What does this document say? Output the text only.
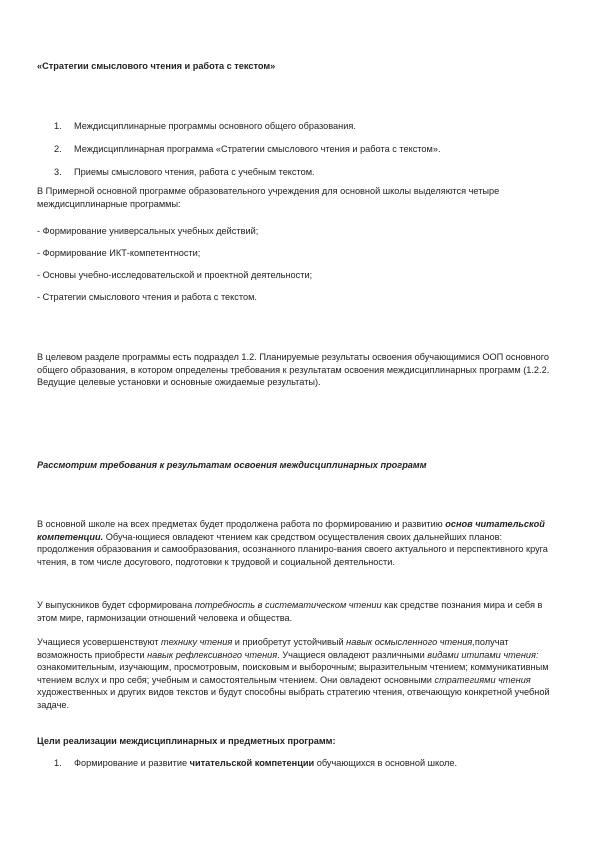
«Стратегии смыслового чтения и работа с текстом»
1. Междисциплинарные программы основного общего образования.
2. Междисциплинарная программа «Стратегии смыслового чтения и работа с текстом».
3. Приемы смыслового чтения, работа с учебным текстом.

В Примерной основной программе образовательного учреждения для основной школы выделяются четыре междисциплинарные программы:

- Формирование универсальных учебных действий;
- Формирование ИКТ-компетентности;
- Основы учебно-исследовательской и проектной деятельности;
- Стратегии смыслового чтения и работа с текстом.

В целевом разделе программы есть подраздел 1.2. Планируемые результаты освоения обучающимися ООП основного общего образования, в котором определены требования к результатам освоения междисциплинарных программ (1.2.2. Ведущие целевые установки и основные ожидаемые результаты).

Рассмотрим требования к результатам освоения междисциплинарных программ

В основной школе на всех предметах будет продолжена работа по формированию и развитию основ читательской компетенции. Обуча-ющиеся овладеют чтением как средством осуществления своих дальнейших планов: продолжения образования и самообразования, осознанного планиро-вания своего актуального и перспективного круга чтения, в том числе досугового, подготовки к трудовой и социальной деятельности.

У выпускников будет сформирована потребность в систематическом чтении как средстве познания мира и себя в этом мире, гармонизации отношений человека и общества.

Учащиеся усовершенствуют технику чтения и приобретут устойчивый навык осмысленного чтения,получат возможность приобрести навык рефлексивного чтения. Учащиеся овладеют различными видами итипами чтения: ознакомительным, изучающим, просмотровым, поисковым и выборочным; выразительным чтением; коммуникативным чтением вслух и про себя; учебным и самостоятельным чтением. Они овладеют основными стратегиями чтения художественных и других видов текстов и будут способны выбрать стратегию чтения, отвечающую конкретной учебной задаче.

Цели реализации междисциплинарных и предметных программ:
1. Формирование и развитие читательской компетенции обучающихся в основной школе.
